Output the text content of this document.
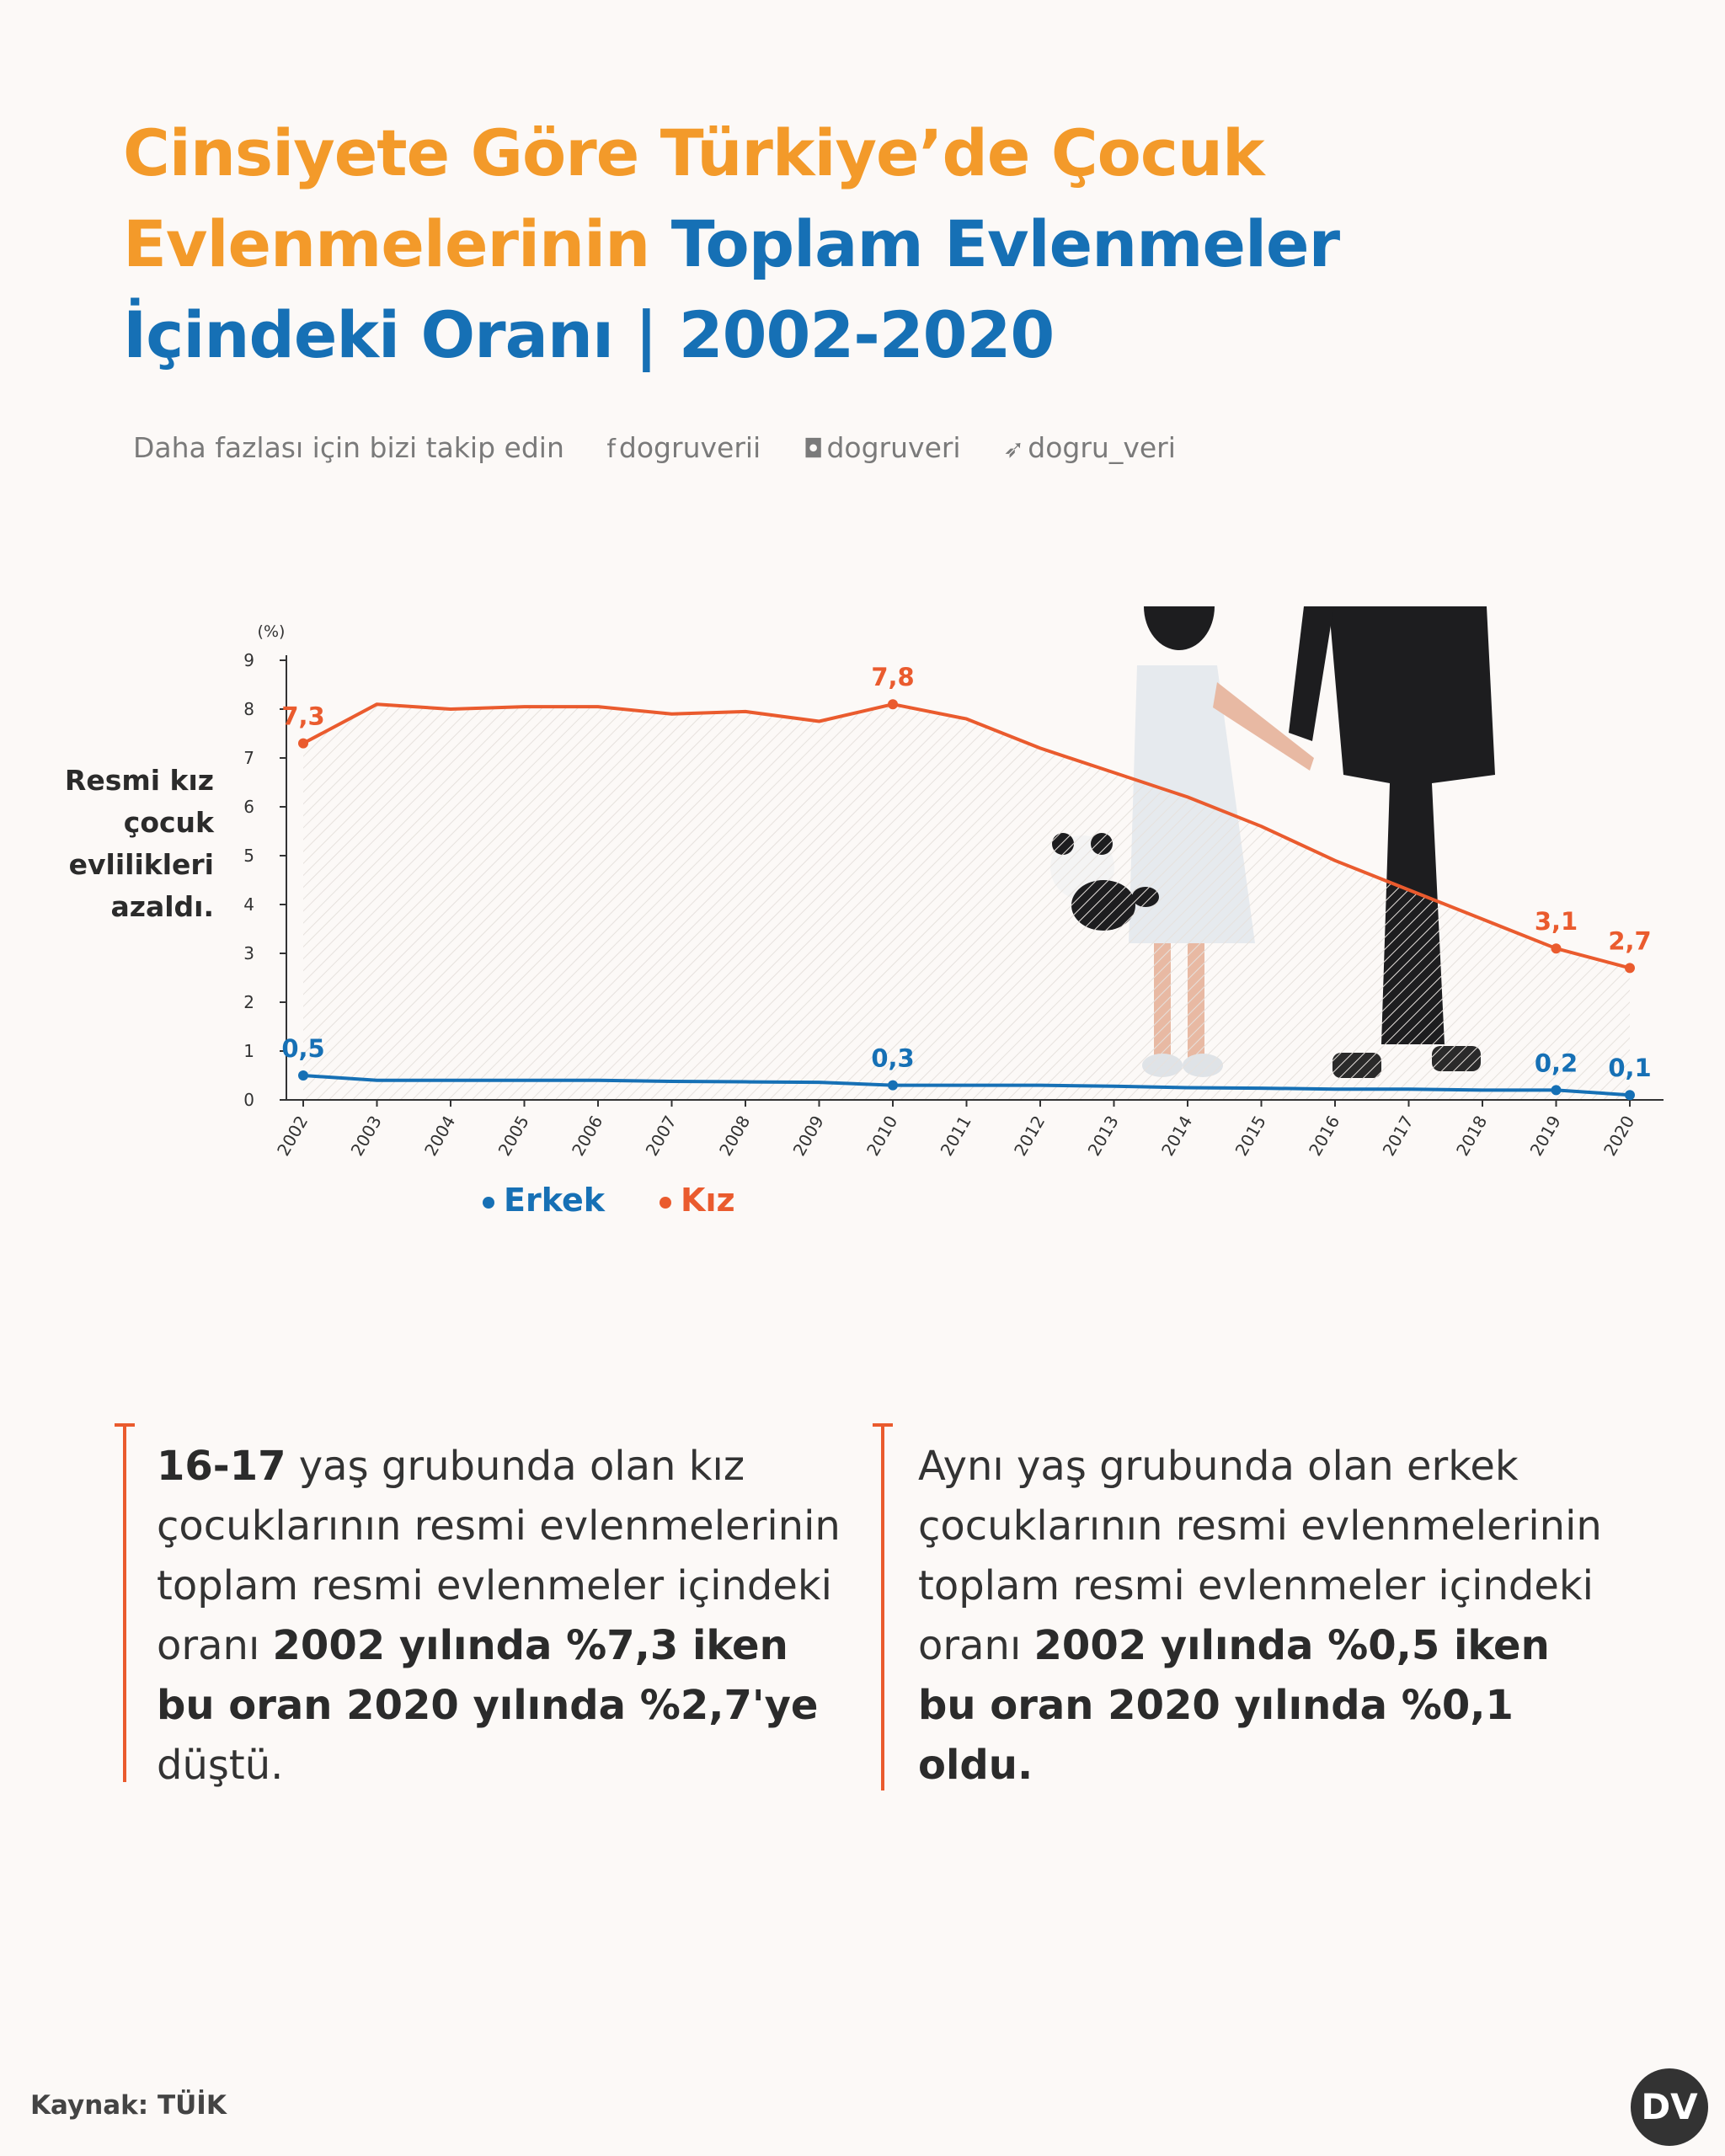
Cinsiyete Göre Türkiye’de Çocuk
Evlenmelerinin Toplam Evlenmeler
İçindeki Oranı | 2002-2020
Daha fazlası için bizi takip edin f dogruverii ◘ dogruveri ➶ dogru_veri
Resmi kız
çocuk
evlilikleri
azaldı.
0
1
2
3
4
5
6
7
8
9
(%)
2002 2003 2004 2005 2006 2007 2008 2009 2010 2011 2012 2013 2014 2015 2016 2017 2018 2019 2020
7,3
7,8
3,1
2,7
0,5	0,3	0,2 0,1
Erkek Kız
16-17 yaş grubunda olan kız çocuklarının resmi evlenmelerinin toplam resmi evlenmeler içindeki oranı 2002 yılında %7,3 iken bu oran 2020 yılında %2,7'ye düştü.
Aynı yaş grubunda olan erkek çocuklarının resmi evlenmelerinin toplam resmi evlenmeler içindeki oranı 2002 yılında %0,5 iken bu oran 2020 yılında %0,1 oldu.
Kaynak: TÜİK	DV
